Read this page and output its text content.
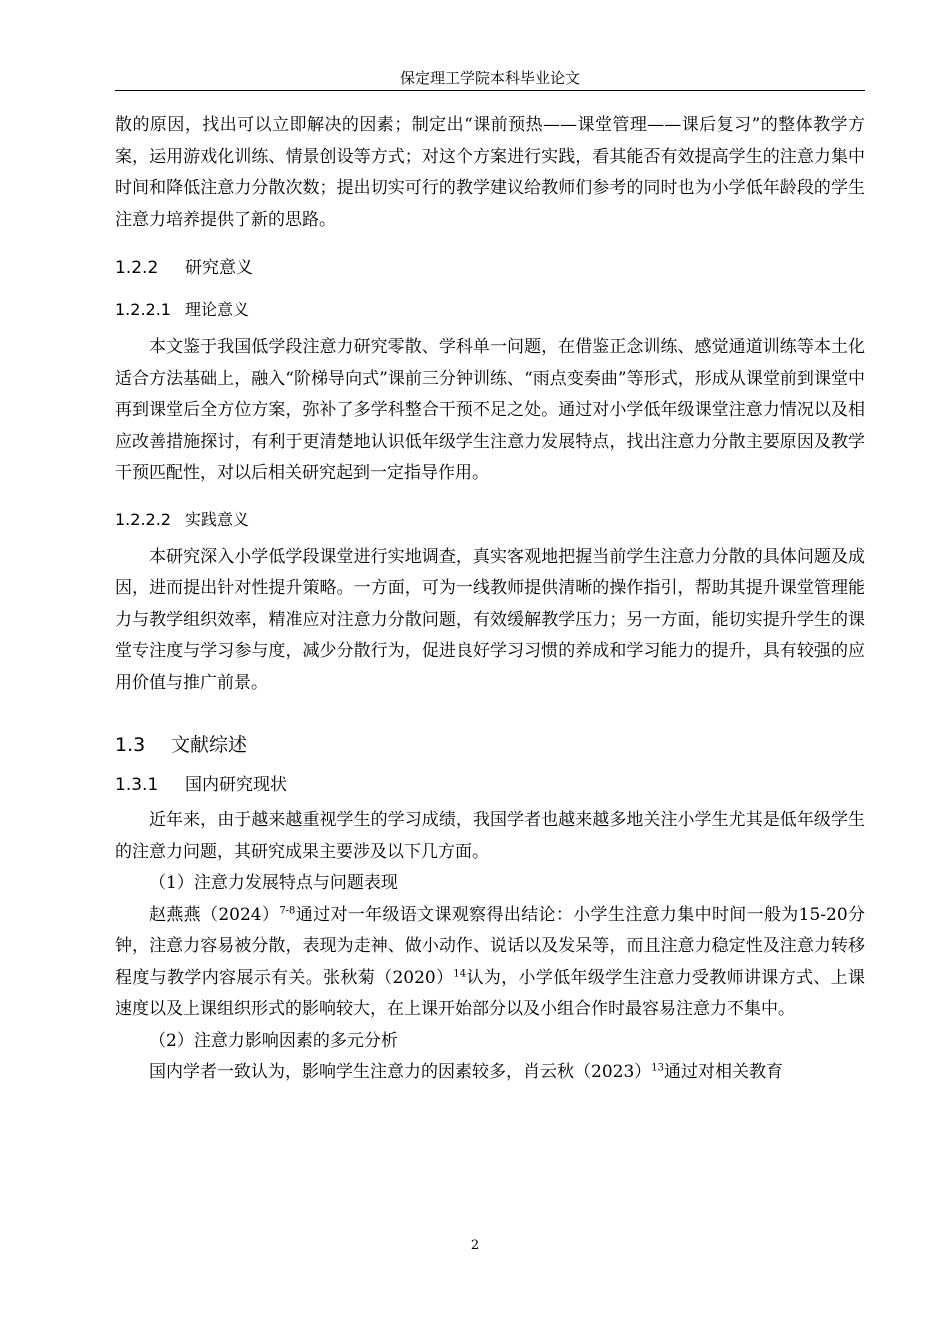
保定理工学院本科毕业论文

散的原因，找出可以立即解决的因素；制定出“课前预热——课堂管理——课后复习”的整体教学方案，运用游戏化训练、情景创设等方式；对这个方案进行实践，看其能否有效提高学生的注意力集中时间和降低注意力分散次数；提出切实可行的教学建议给教师们参考的同时也为小学低年龄段的学生注意力培养提供了新的思路。

1.2.2 研究意义
1.2.2.1 理论意义

本文鉴于我国低学段注意力研究零散、学科单一问题，在借鉴正念训练、感觉通道训练等本土化适合方法基础上，融入“阶梯导向式”课前三分钟训练、“雨点变奏曲”等形式，形成从课堂前到课堂中再到课堂后全方位方案，弥补了多学科整合干预不足之处。通过对小学低年级课堂注意力情况以及相应改善措施探讨，有利于更清楚地认识低年级学生注意力发展特点，找出注意力分散主要原因及教学干预匹配性，对以后相关研究起到一定指导作用。

1.2.2.2 实践意义

本研究深入小学低学段课堂进行实地调查，真实客观地把握当前学生注意力分散的具体问题及成因，进而提出针对性提升策略。一方面，可为一线教师提供清晰的操作指引，帮助其提升课堂管理能力与教学组织效率，精准应对注意力分散问题，有效缓解教学压力；另一方面，能切实提升学生的课堂专注度与学习参与度，减少分散行为，促进良好学习习惯的养成和学习能力的提升，具有较强的应用价值与推广前景。

1.3 文献综述
1.3.1 国内研究现状

近年来，由于越来越重视学生的学习成绩，我国学者也越来越多地关注小学生尤其是低年级学生的注意力问题，其研究成果主要涉及以下几方面。

（1）注意力发展特点与问题表现

赵燕燕$(2024)^{7-8}$通过对一年级语文课观察得出结论：小学生注意力集中时间一般为15-20分钟，注意力容易被分散，表现为走神、做小动作、说话以及发呆等，而且注意力稳定性及注意力转移程度与教学内容展示有关。张秋菊$(2020)^{14}$认为，小学低年级学生注意力受教师讲课方式、上课速度以及上课组织形式的影响较大，在上课开始部分以及小组合作时最容易注意力不集中。

（2）注意力影响因素的多元分析

国内学者一致认为，影响学生注意力的因素较多，肖云秋$(2023)^{13}$通过对相关教育

2
